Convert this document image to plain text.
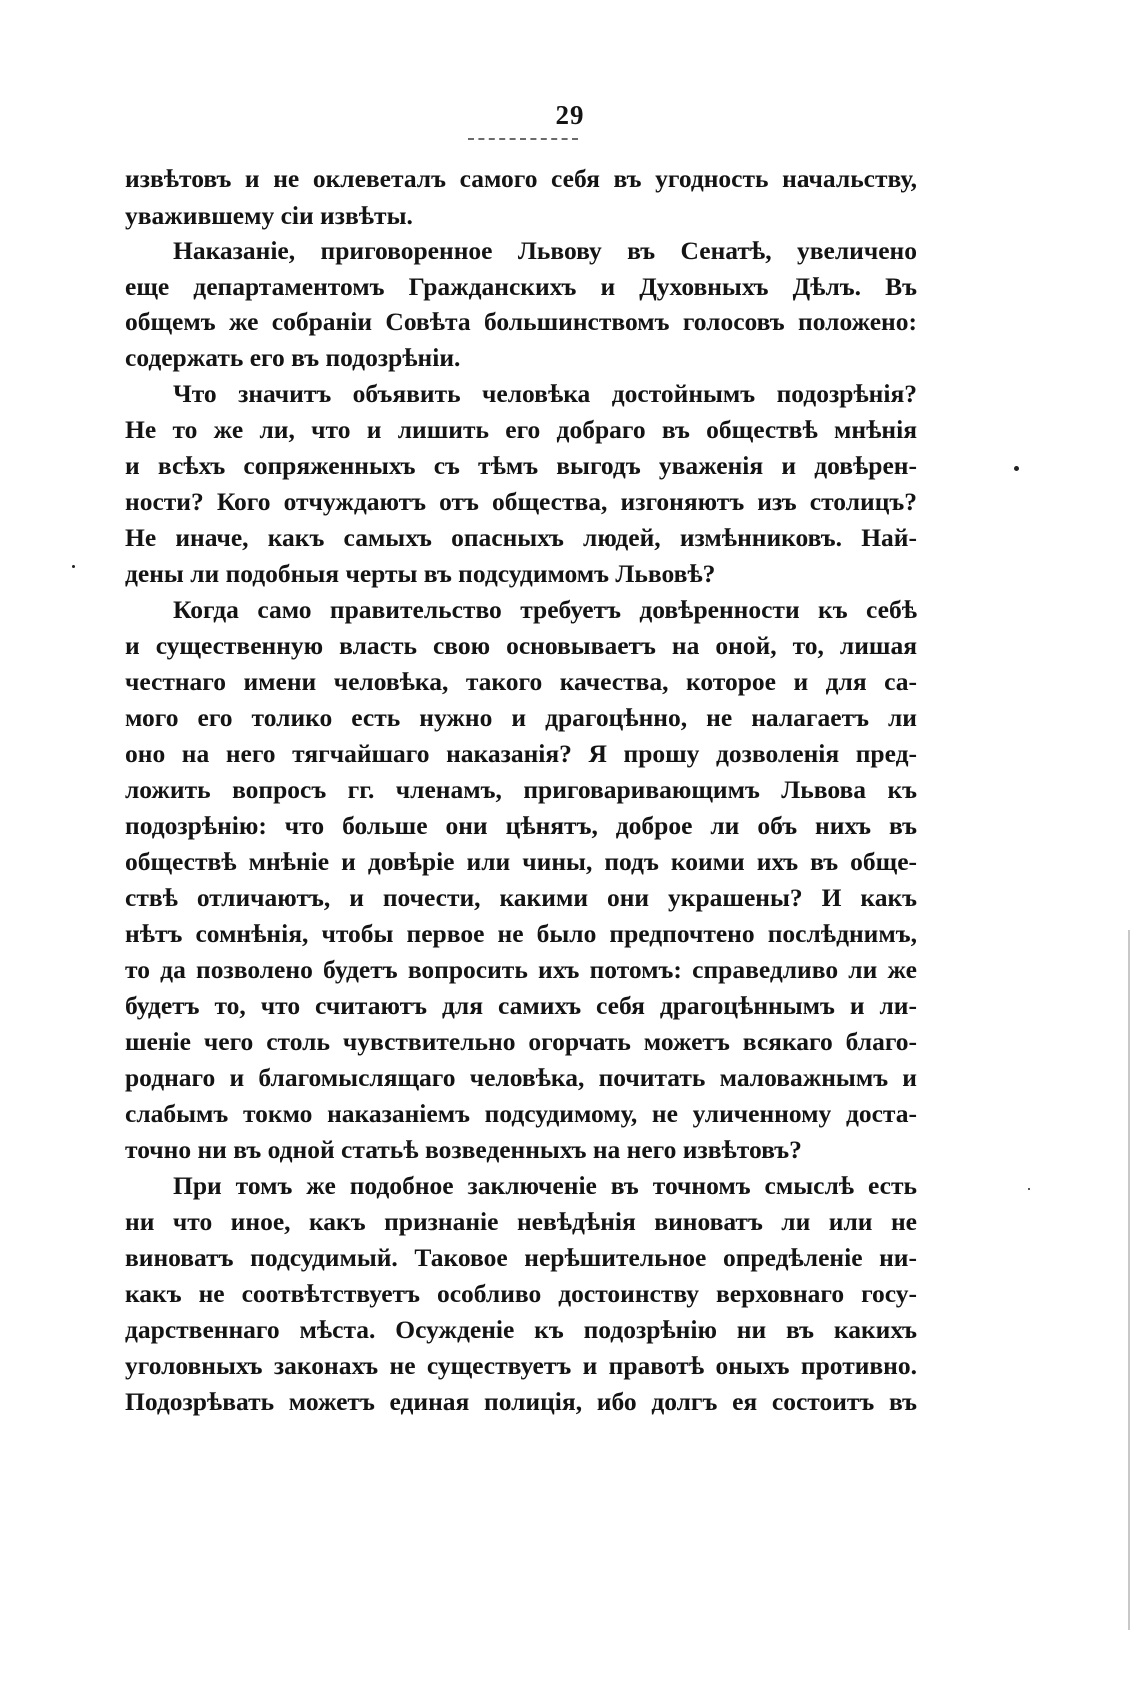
29
извѣтовъ и не оклеветалъ самого себя въ угодность начальству,
уважившему сіи извѣты.
Наказаніе, приговоренное Львову въ Сенатѣ, увеличено
еще департаментомъ Гражданскихъ и Духовныхъ Дѣлъ. Въ
общемъ же собраніи Совѣта большинствомъ голосовъ положено:
содержать его въ подозрѣніи.
Что значитъ объявить человѣка достойнымъ подозрѣнія?
Не то же ли, что и лишить его добраго въ обществѣ мнѣнія
и всѣхъ сопряженныхъ съ тѣмъ выгодъ уваженія и довѣрен-
ности? Кого отчуждаютъ отъ общества, изгоняютъ изъ столицъ?
Не иначе, какъ самыхъ опасныхъ людей, измѣнниковъ. Най-
дены ли подобныя черты въ подсудимомъ Львовѣ?
Когда само правительство требуетъ довѣренности къ себѣ
и существенную власть свою основываетъ на оной, то, лишая
честнаго имени человѣка, такого качества, которое и для са-
мого его толико есть нужно и драгоцѣнно, не налагаетъ ли
оно на него тягчайшаго наказанія? Я прошу дозволенія пред-
ложить вопросъ гг. членамъ, приговаривающимъ Львова къ
подозрѣнію: что больше они цѣнятъ, доброе ли объ нихъ въ
обществѣ мнѣніе и довѣріе или чины, подъ коими ихъ въ обще-
ствѣ отличаютъ, и почести, какими они украшены? И какъ
нѣтъ сомнѣнія, чтобы первое не было предпочтено послѣднимъ,
то да позволено будетъ вопросить ихъ потомъ: справедливо ли же
будетъ то, что считаютъ для самихъ себя драгоцѣннымъ и ли-
шеніе чего столь чувствительно огорчать можетъ всякаго благо-
роднаго и благомыслящаго человѣка, почитать маловажнымъ и
слабымъ токмо наказаніемъ подсудимому, не уличенному доста-
точно ни въ одной статьѣ возведенныхъ на него извѣтовъ?
При томъ же подобное заключеніе въ точномъ смыслѣ есть
ни что иное, какъ признаніе невѣдѣнія виноватъ ли или не
виноватъ подсудимый. Таковое нерѣшительное опредѣленіе ни-
какъ не соотвѣтствуетъ особливо достоинству верховнаго госу-
дарственнаго мѣста. Осужденіе къ подозрѣнію ни въ какихъ
уголовныхъ законахъ не существуетъ и правотѣ оныхъ противно.
Подозрѣвать можетъ единая полиція, ибо долгъ ея состоитъ въ
